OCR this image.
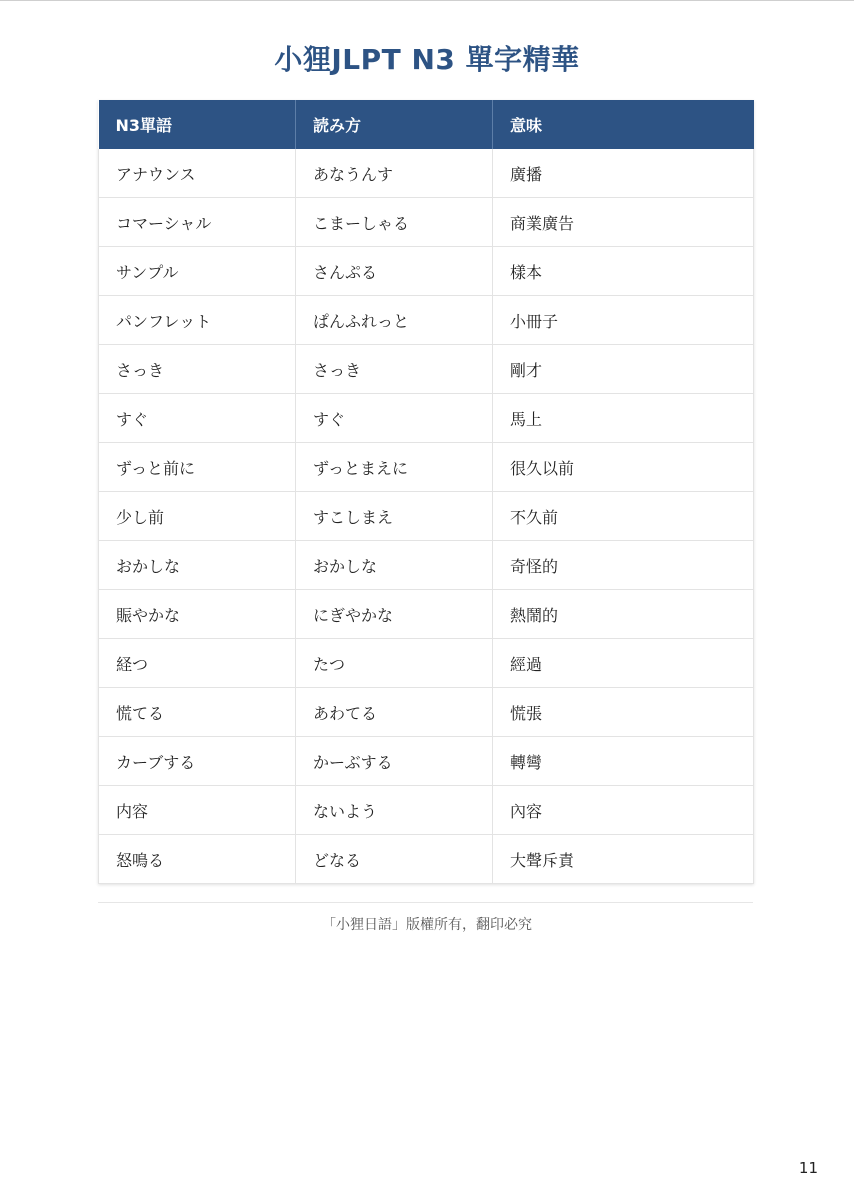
小狸JLPT N3 單字精華
N3單語	読み方	意味
アナウンス	あなうんす	廣播
コマーシャル	こまーしゃる	商業廣告
サンプル	さんぷる	樣本
パンフレット	ぱんふれっと	小冊子
さっき	さっき	剛才
すぐ	すぐ	馬上
ずっと前に	ずっとまえに	很久以前
少し前	すこしまえ	不久前
おかしな	おかしな	奇怪的
賑やかな	にぎやかな	熱鬧的
経つ	たつ	經過
慌てる	あわてる	慌張
カーブする	かーぶする	轉彎
内容	ないよう	內容
怒鳴る	どなる	大聲斥責
「小狸日語」版權所有，翻印必究
11
